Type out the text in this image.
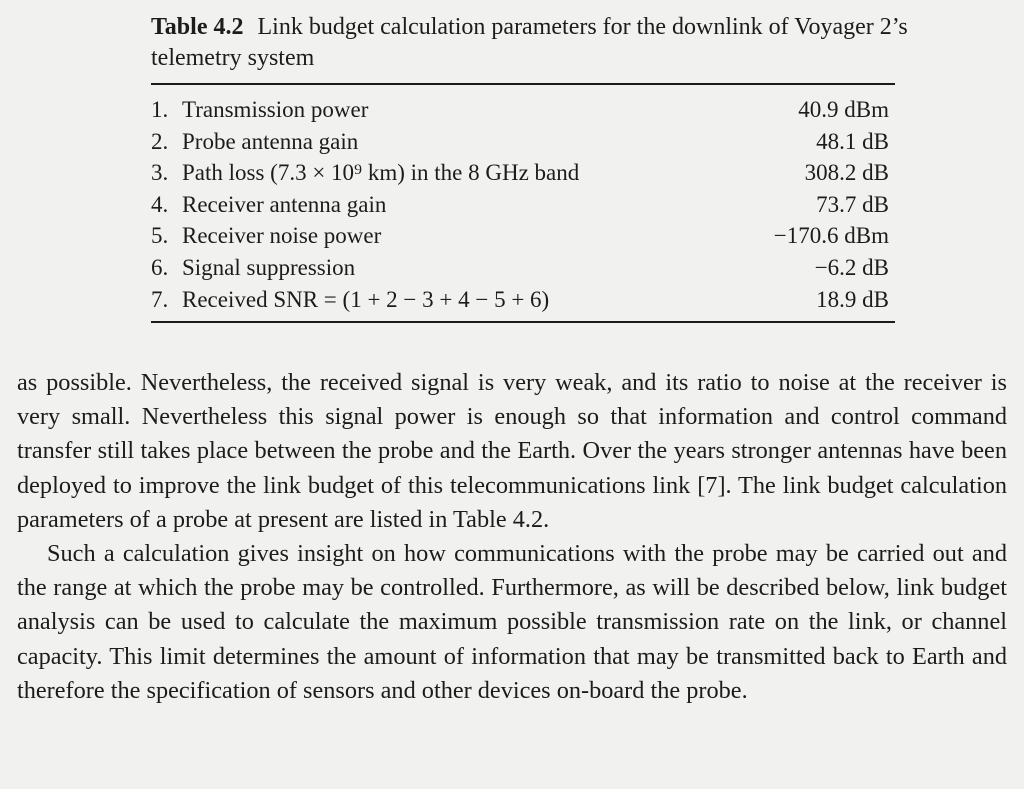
Table 4.2 Link budget calculation parameters for the downlink of Voyager 2’s telemetry system
1. Transmission power	40.9 dBm
2. Probe antenna gain	48.1 dB
3. Path loss (7.3 × 10⁹ km) in the 8 GHz band	308.2 dB
4. Receiver antenna gain	73.7 dB
5. Receiver noise power	−170.6 dBm
6. Signal suppression	−6.2 dB
7. Received SNR = (1 + 2 − 3 + 4 − 5 + 6)	18.9 dB

as possible. Nevertheless, the received signal is very weak, and its ratio to noise at the receiver is very small. Nevertheless this signal power is enough so that information and control command transfer still takes place between the probe and the Earth. Over the years stronger antennas have been deployed to improve the link budget of this telecommunications link [7]. The link budget calculation parameters of a probe at present are listed in Table 4.2.

Such a calculation gives insight on how communications with the probe may be carried out and the range at which the probe may be controlled. Furthermore, as will be described below, link budget analysis can be used to calculate the maximum possible transmission rate on the link, or channel capacity. This limit determines the amount of information that may be transmitted back to Earth and therefore the specification of sensors and other devices on-board the probe.
